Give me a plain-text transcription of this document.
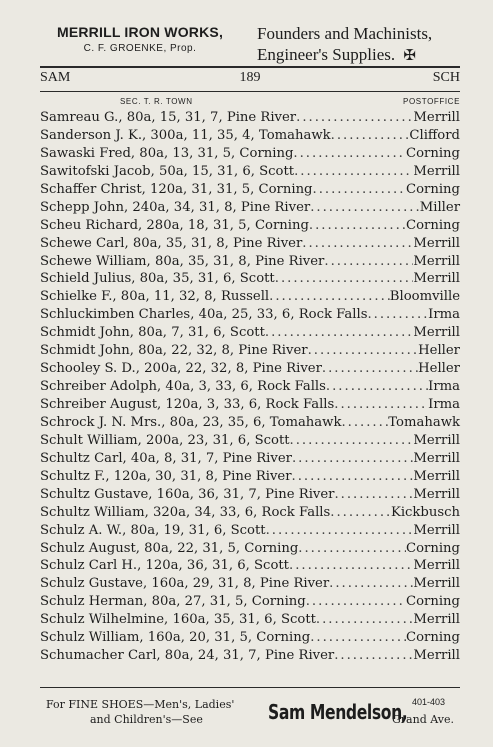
MERRILL IRON WORKS,
C. F. GROENKE, Prop.
Founders and Machinists,
Engineer's Supplies. ✠
SAM	189	SCH
SEC. T. R. TOWN	POSTOFFICE
Samreau G., 80a, 15, 31, 7, Pine River .....	Merrill
Sanderson J. K., 300a, 11, 35, 4, Tomahawk .....	Clifford
Sawaski Fred, 80a, 13, 31, 5, Corning .....	Corning
Sawitofski Jacob, 50a, 15, 31, 6, Scott .....	Merrill
Schaffer Christ, 120a, 31, 31, 5, Corning .....	Corning
Schepp John, 240a, 34, 31, 8, Pine River .....	Miller
Scheu Richard, 280a, 18, 31, 5, Corning .....	Corning
Schewe Carl, 80a, 35, 31, 8, Pine River .....	Merrill
Schewe William, 80a, 35, 31, 8, Pine River .....	Merrill
Schield Julius, 80a, 35, 31, 6, Scott .....	Merrill
Schielke F., 80a, 11, 32, 8, Russell .....	Bloomville
Schluckimben Charles, 40a, 25, 33, 6, Rock Falls .....	Irma
Schmidt John, 80a, 7, 31, 6, Scott .....	Merrill
Schmidt John, 80a, 22, 32, 8, Pine River .....	Heller
Schooley S. D., 200a, 22, 32, 8, Pine River .....	Heller
Schreiber Adolph, 40a, 3, 33, 6, Rock Falls .....	Irma
Schreiber August, 120a, 3, 33, 6, Rock Falls .....	Irma
Schrock J. N. Mrs., 80a, 23, 35, 6, Tomahawk .....	Tomahawk
Schult William, 200a, 23, 31, 6, Scott .....	Merrill
Schultz Carl, 40a, 8, 31, 7, Pine River .....	Merrill
Schultz F., 120a, 30, 31, 8, Pine River .....	Merrill
Schultz Gustave, 160a, 36, 31, 7, Pine River .....	Merrill
Schultz William, 320a, 34, 33, 6, Rock Falls .....	Kickbusch
Schulz A. W., 80a, 19, 31, 6, Scott .....	Merrill
Schulz August, 80a, 22, 31, 5, Corning .....	Corning
Schulz Carl H., 120a, 36, 31, 6, Scott .....	Merrill
Schulz Gustave, 160a, 29, 31, 8, Pine River .....	Merrill
Schulz Herman, 80a, 27, 31, 5, Corning .....	Corning
Schulz Wilhelmine, 160a, 35, 31, 6, Scott .....	Merrill
Schulz William, 160a, 20, 31, 5, Corning .....	Corning
Schumacher Carl, 80a, 24, 31, 7, Pine River .....	Merrill
For FINE SHOES—Men's, Ladies'
and Children's—See	Sam Mendelson, 401-403
Grand Ave.
